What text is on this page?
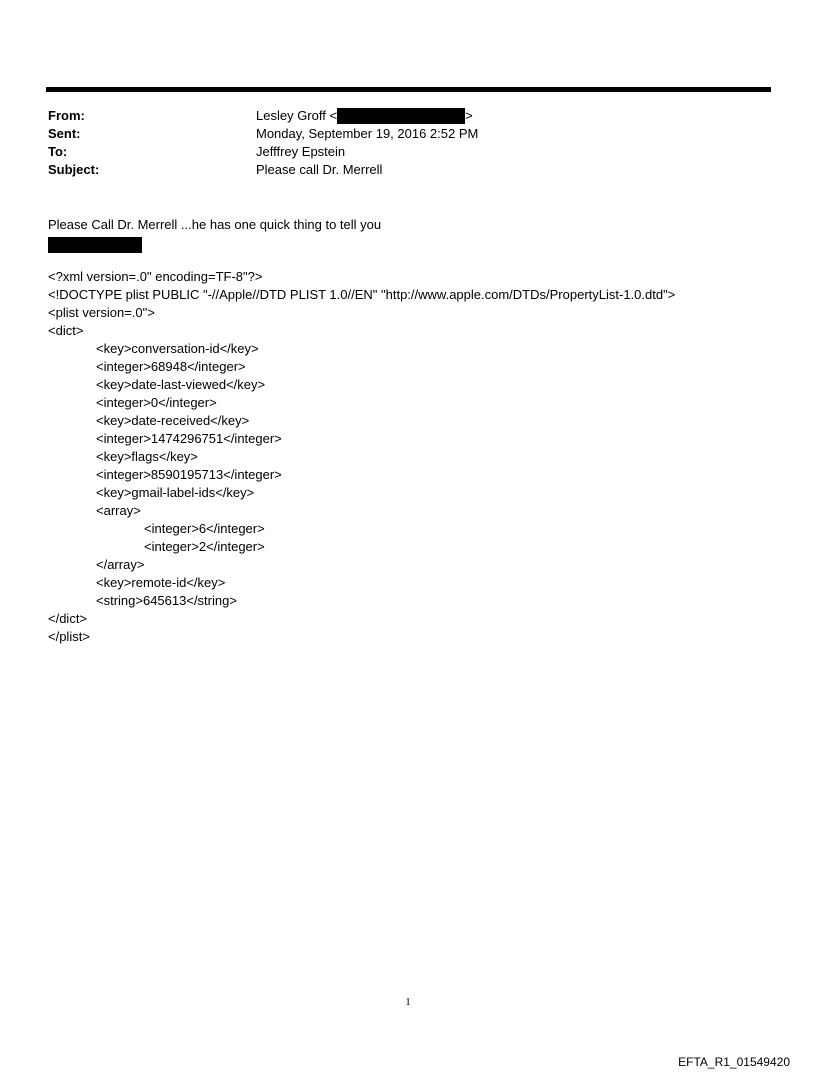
From:	Lesley Groff <	>
Sent:	Monday, September 19, 2016 2:52 PM
To:	Jefffrey Epstein
Subject:	Please call Dr. Merrell
Please Call Dr. Merrell ...he has one quick thing to tell you
<?xml version=.0" encoding=TF-8"?>
<!DOCTYPE plist PUBLIC "-//Apple//DTD PLIST 1.0//EN" "http://www.apple.com/DTDs/PropertyList-1.0.dtd">
<plist version=.0">
<dict>
<key>conversation-id</key>
<integer>68948</integer>
<key>date-last-viewed</key>
<integer>0</integer>
<key>date-received</key>
<integer>1474296751</integer>
<key>flags</key>
<integer>8590195713</integer>
<key>gmail-label-ids</key>
<array>
<integer>6</integer>
<integer>2</integer>
</array>
<key>remote-id</key>
<string>645613</string>
</dict>
</plist>
1
EFTA_R1_01549420
